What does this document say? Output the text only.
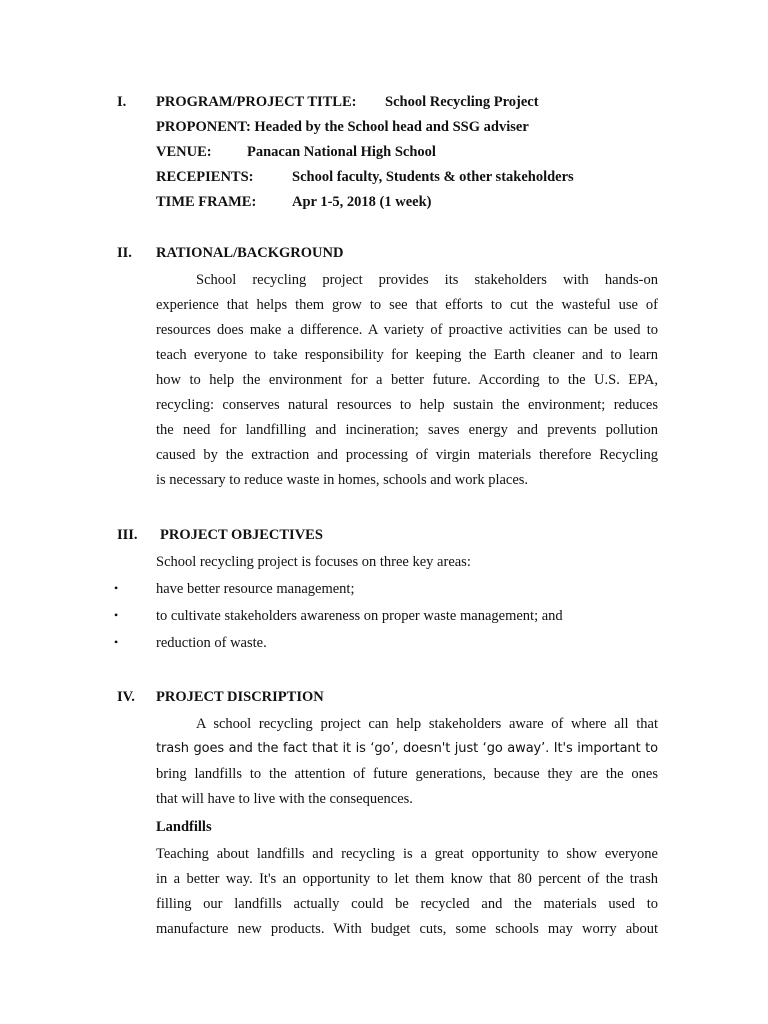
I. PROGRAM/PROJECT TITLE: School Recycling Project
PROPONENT: Headed by the School head and SSG adviser
VENUE: Panacan National High School
RECEPIENTS:	School faculty, Students & other stakeholders
TIME FRAME: Apr 1-5, 2018 (1 week)
II. RATIONAL/BACKGROUND
School recycling project provides its stakeholders with hands-on
experience that helps them grow to see that efforts to cut the wasteful use of
resources does make a difference. A variety of proactive activities can be used to
teach everyone to take responsibility for keeping the Earth cleaner and to learn
how to help the environment for a better future. According to the U.S. EPA,
recycling: conserves natural resources to help sustain the environment; reduces
the need for landfilling and incineration; saves energy and prevents pollution
caused by the extraction and processing of virgin materials therefore Recycling
is necessary to reduce waste in homes, schools and work places.
III. PROJECT OBJECTIVES
School recycling project is focuses on three key areas:
•	have better resource management;
•	to cultivate stakeholders awareness on proper waste management; and
•	reduction of waste.
IV. PROJECT DISCRIPTION
A school recycling project can help stakeholders aware of where all that
trash goes and the fact that it is ‘go’, doesn't just ‘go away’. It's important to
bring landfills to the attention of future generations, because they are the ones
that will have to live with the consequences.
Landfills
Teaching about landfills and recycling is a great opportunity to show everyone
in a better way. It's an opportunity to let them know that 80 percent of the trash
filling our landfills actually could be recycled and the materials used to
manufacture new products. With budget cuts, some schools may worry about
